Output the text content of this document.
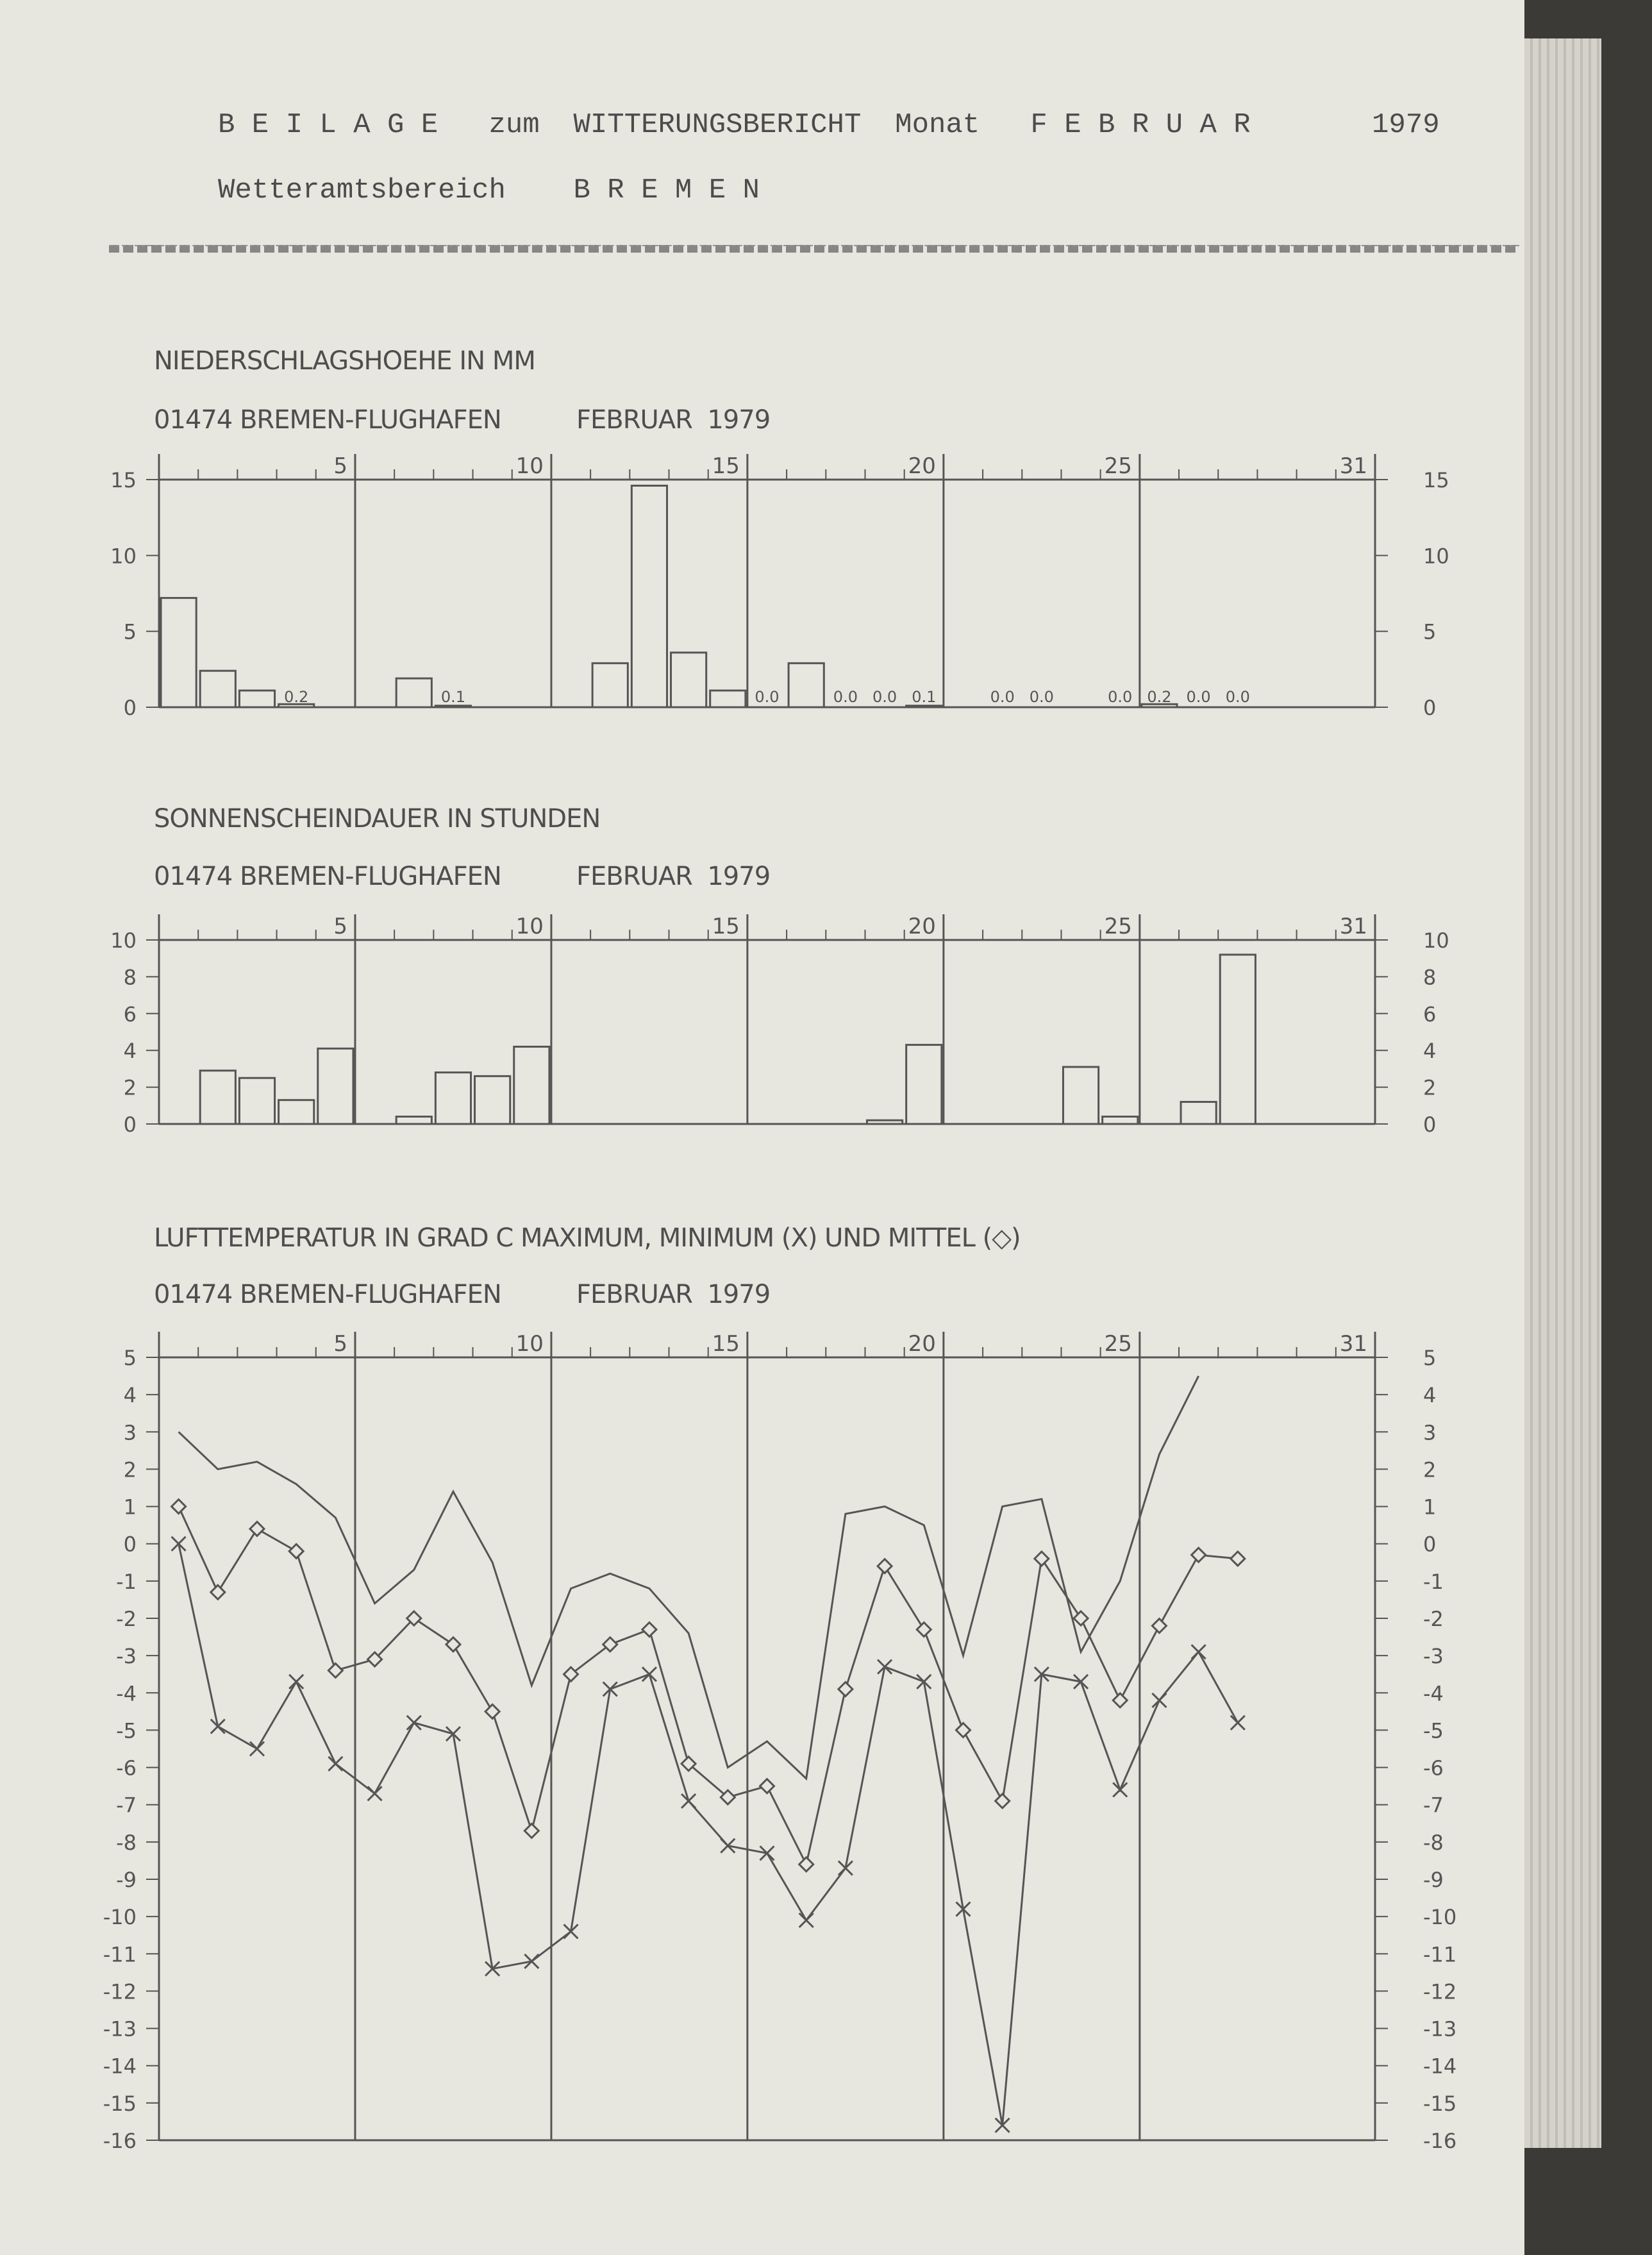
B E I L A G E   zum  WITTERUNGSBERICHT  Monat   F E B R U A R	1979
Wetteramtsbereich    B R E M E N
NIEDERSCHLAGSHOEHE IN MM
01474 BREMEN-FLUGHAFEN          FEBRUAR  1979
5	10	15	20	25	31
0	0
5	5
10	10
15	15
0.2	0.1	0.0	0.0 0.0 0.1	0.0 0.0	0.0 0.2 0.0 0.0
SONNENSCHEINDAUER IN STUNDEN
01474 BREMEN-FLUGHAFEN          FEBRUAR  1979
5	10	15	20	25	31
0	0
2	2
4	4
6	6
8	8
10	10
LUFTTEMPERATUR IN GRAD C MAXIMUM, MINIMUM (X) UND MITTEL (◇)
01474 BREMEN-FLUGHAFEN          FEBRUAR  1979
5	10	15	20	25	31
-16	-16
-15	-15
-14	-14
-13	-13
-12	-12
-11	-11
-10	-10
-9	-9
-8	-8
-7	-7
-6	-6
-5	-5
-4	-4
-3	-3
-2	-2
-1	-1
0	0
1	1
2	2
3	3
4	4
5	5
